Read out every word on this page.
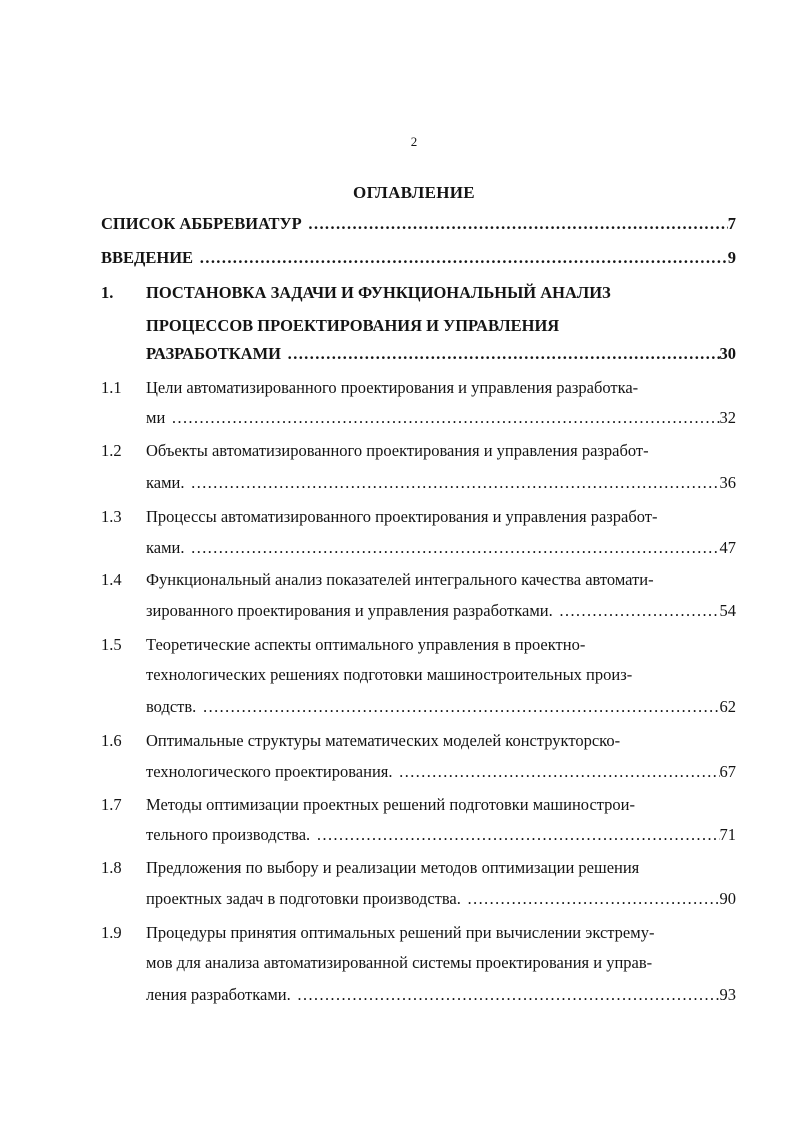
2
ОГЛАВЛЕНИЕ
СПИСОК АББРЕВИАТУР …………………………………………………………………………………………………………………………………………………………	7
ВВЕДЕНИЕ …………………………………………………………………………………………………………………………………………………………	9
1.	ПОСТАНОВКА ЗАДАЧИ И ФУНКЦИОНАЛЬНЫЙ АНАЛИЗ
ПРОЦЕССОВ ПРОЕКТИРОВАНИЯ И УПРАВЛЕНИЯ
РАЗРАБОТКАМИ …………………………………………………………………………………………………………………………………………………………	30
1.1	Цели автоматизированного проектирования и управления разработка-
ми …………………………………………………………………………………………………………………………………………………………	32
1.2	Объекты автоматизированного проектирования и управления разработ-
ками. …………………………………………………………………………………………………………………………………………………………	36
1.3	Процессы автоматизированного проектирования и управления разработ-
ками. …………………………………………………………………………………………………………………………………………………………	47
1.4	Функциональный анализ показателей интегрального качества автомати-
зированного проектирования и управления разработками. …………………………………………………………………………………………………………………………………………………………	54
1.5	Теоретические аспекты оптимального управления в проектно-
технологических решениях подготовки машиностроительных произ-
водств. …………………………………………………………………………………………………………………………………………………………	62
1.6	Оптимальные структуры математических моделей конструкторско-
технологического проектирования. …………………………………………………………………………………………………………………………………………………………	67
1.7	Методы оптимизации проектных решений подготовки машинострои-
тельного производства. …………………………………………………………………………………………………………………………………………………………	71
1.8	Предложения по выбору и реализации методов оптимизации решения
проектных задач в подготовки производства. …………………………………………………………………………………………………………………………………………………………	90
1.9	Процедуры принятия оптимальных решений при вычислении экстрему-
мов для анализа автоматизированной системы проектирования и управ-
ления разработками. …………………………………………………………………………………………………………………………………………………………	93
